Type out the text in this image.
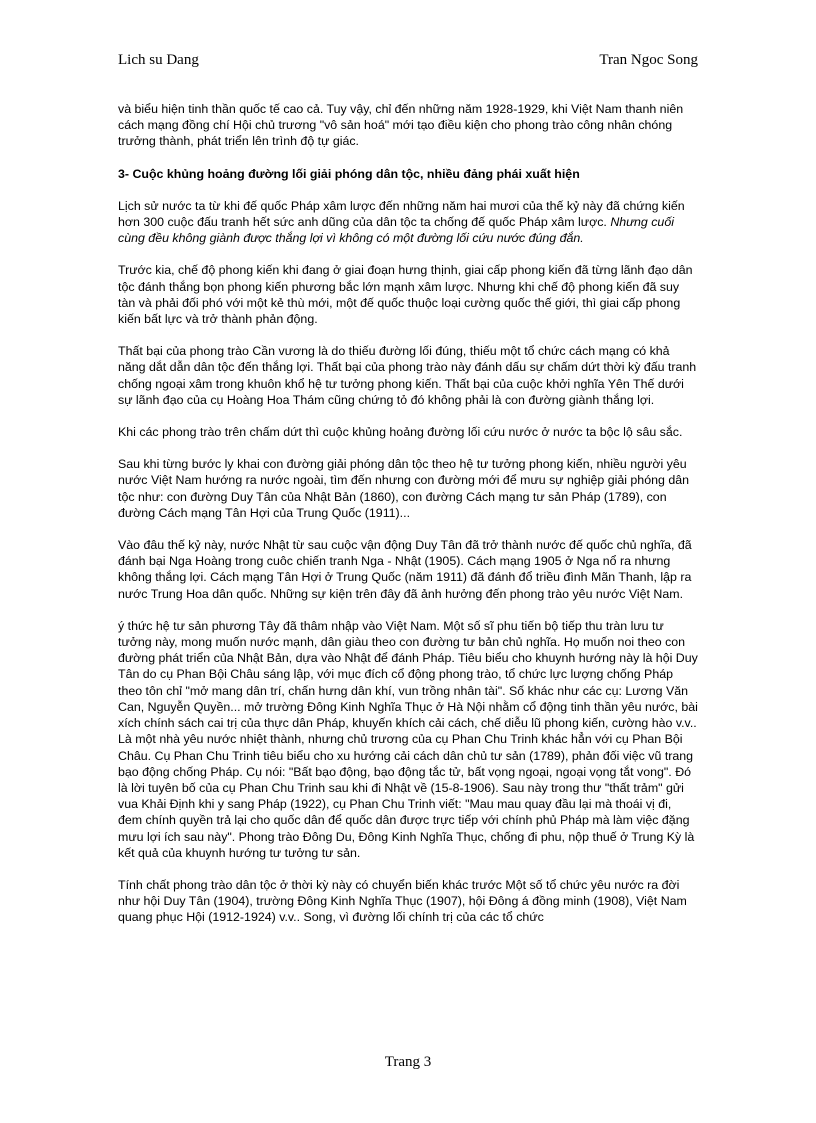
Lich su Dang	Tran Ngoc Song

và biểu hiện tinh thần quốc tế cao cả. Tuy vậy, chỉ đến những năm 1928-1929, khi Việt Nam thanh niên cách mạng đồng chí Hội chủ trương "vô sản hoá" mới tạo điều kiện cho phong trào công nhân chóng trưởng thành, phát triển lên trình độ tự giác.

3- Cuộc khủng hoảng đường lối giải phóng dân tộc, nhiều đảng phái xuất hiện

Lịch sử nước ta từ khi đế quốc Pháp xâm lược đến những năm hai mươi của thế kỷ này đã chứng kiến hơn 300 cuộc đấu tranh hết sức anh dũng của dân tộc ta chống đế quốc Pháp xâm lược. Nhưng cuối cùng đều không giành được thắng lợi vì không có một đường lối cứu nước đúng đắn.

Trước kia, chế độ phong kiến khi đang ở giai đoạn hưng thịnh, giai cấp phong kiến đã từng lãnh đạo dân tộc đánh thắng bọn phong kiến phương bắc lớn mạnh xâm lược. Nhưng khi chế độ phong kiến đã suy tàn và phải đối phó với một kẻ thù mới, một đế quốc thuộc loại cường quốc thế giới, thì giai cấp phong kiến bất lực và trở thành phản động.

Thất bại của phong trào Cần vương là do thiếu đường lối đúng, thiếu một tổ chức cách mạng có khả năng dắt dẫn dân tộc đến thắng lợi. Thất bại của phong trào này đánh dấu sự chấm dứt thời kỳ đấu tranh chống ngoại xâm trong khuôn khổ hệ tư tưởng phong kiến. Thất bại của cuộc khởi nghĩa Yên Thế dưới sự lãnh đạo của cụ Hoàng Hoa Thám cũng chứng tỏ đó không phải là con đường giành thắng lợi.

Khi các phong trào trên chấm dứt thì cuộc khủng hoảng đường lối cứu nước ở nước ta bộc lộ sâu sắc.

Sau khi từng bước ly khai con đường giải phóng dân tộc theo hệ tư tưởng phong kiến, nhiều người yêu nước Việt Nam hướng ra nước ngoài, tìm đến nhưng con đường mới để mưu sự nghiệp giải phóng dân tộc như: con đường Duy Tân của Nhật Bản (1860), con đường Cách mạng tư sản Pháp (1789), con đường Cách mạng Tân Hợi của Trung Quốc (1911)...

Vào đâu thế kỷ này, nước Nhật từ sau cuộc vận động Duy Tân đã trở thành nước đế quốc chủ nghĩa, đã đánh bại Nga Hoàng trong cuôc chiến tranh Nga - Nhật (1905). Cách mạng 1905 ở Nga nổ ra nhưng không thắng lợi. Cách mạng Tân Hợi ở Trung Quốc (năm 1911) đã đánh đổ triều đình Mãn Thanh, lập ra nước Trung Hoa dân quốc. Những sự kiện trên đây đã ảnh hưởng đến phong trào yêu nước Việt Nam.

ý thức hệ tư sản phương Tây đã thâm nhập vào Việt Nam. Một số sĩ phu tiến bộ tiếp thu tràn lưu tư tưởng này, mong muốn nước mạnh, dân giàu theo con đường tư bản chủ nghĩa. Họ muốn noi theo con đường phát triển của Nhật Bản, dựa vào Nhật để đánh Pháp. Tiêu biểu cho khuynh hướng này là hội Duy Tân do cụ Phan Bội Châu sáng lập, với mục đích cổ động phong trào, tổ chức lực lượng chống Pháp theo tôn chỉ "mở mang dân trí, chấn hưng dân khí, vun trồng nhân tài". Số khác như các cụ: Lương Văn Can, Nguyễn Quyền... mở trường Đông Kinh Nghĩa Thục ở Hà Nội nhằm cổ động tinh thần yêu nước, bài xích chính sách cai trị của thực dân Pháp, khuyến khích cải cách, chế diễu lũ phong kiến, cường hào v.v.. Là một nhà yêu nước nhiệt thành, nhưng chủ trương của cụ Phan Chu Trinh khác hẳn với cụ Phan Bội Châu. Cụ Phan Chu Trinh tiêu biểu cho xu hướng cải cách dân chủ tư sản (1789), phản đối việc vũ trang bạo động chống Pháp. Cụ nói: "Bất bạo động, bạo động tắc tử, bất vọng ngoại, ngoại vọng tắt vong". Đó là lời tuyên bố của cụ Phan Chu Trinh sau khi đi Nhật về (15-8-1906). Sau này trong thư "thất trảm" gửi vua Khải Định khi y sang Pháp (1922), cụ Phan Chu Trinh viết: "Mau mau quay đầu lại mà thoái vị đi, đem chính quyền trả lại cho quốc dân để quốc dân được trực tiếp với chính phủ Pháp mà làm việc đặng mưu lợi ích sau này". Phong trào Đông Du, Đông Kinh Nghĩa Thục, chống đi phu, nộp thuế ở Trung Kỳ là kết quả của khuynh hướng tư tưởng tư sản.

Tính chất phong trào dân tộc ở thời kỳ này có chuyển biến khác trước Một số tổ chức yêu nước ra đời như hội Duy Tân (1904), trường Đông Kinh Nghĩa Thục (1907), hội Đông á đồng minh (1908), Việt Nam quang phục Hội (1912-1924) v.v.. Song, vì đường lối chính trị của các tổ chức

Trang 3
